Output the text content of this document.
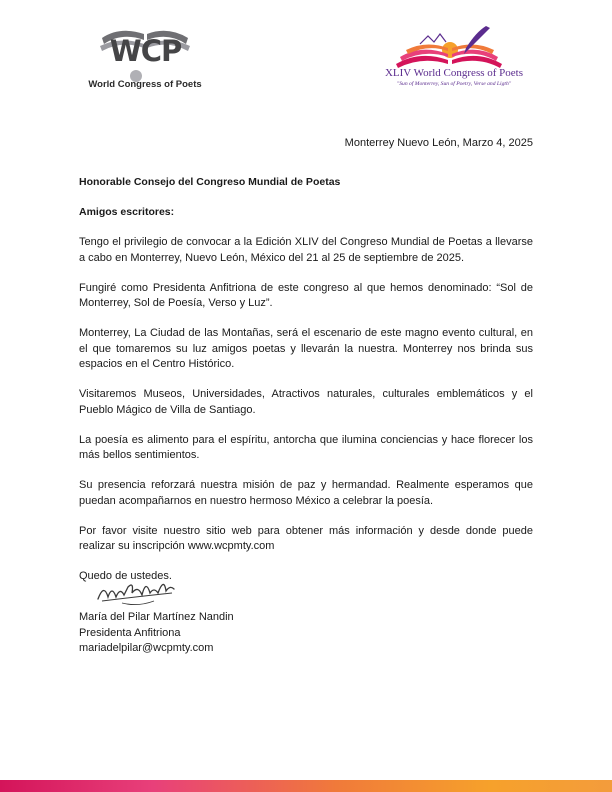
WCP
World Congress of Poets
XLIV World Congress of Poets
"Sun of Monterrey, Sun of Poetry, Verse and Ligth"
Monterrey Nuevo León, Marzo 4, 2025

Honorable Consejo del Congreso Mundial de Poetas

Amigos escritores:

Tengo el privilegio de convocar a la Edición XLIV del Congreso Mundial de Poetas a llevarse a cabo en Monterrey, Nuevo León, México del 21 al 25 de septiembre de 2025.

Fungiré como Presidenta Anfitriona de este congreso al que hemos denominado: “Sol de Monterrey, Sol de Poesía, Verso y Luz”.

Monterrey, La Ciudad de las Montañas, será el escenario de este magno evento cultural, en el que tomaremos su luz amigos poetas y llevarán la nuestra. Monterrey nos brinda sus espacios en el Centro Histórico.

Visitaremos Museos, Universidades, Atractivos naturales, culturales emblemáticos y el Pueblo Mágico de Villa de Santiago.

La poesía es alimento para el espíritu, antorcha que ilumina conciencias y hace florecer los más bellos sentimientos.

Su presencia reforzará nuestra misión de paz y hermandad. Realmente esperamos que puedan acompañarnos en nuestro hermoso México a celebrar la poesía.

Por favor visite nuestro sitio web para obtener más información y desde donde puede realizar su inscripción www.wcpmty.com

Quedo de ustedes.

María del Pilar Martínez Nandin
Presidenta Anfitriona
mariadelpilar@wcpmty.com
